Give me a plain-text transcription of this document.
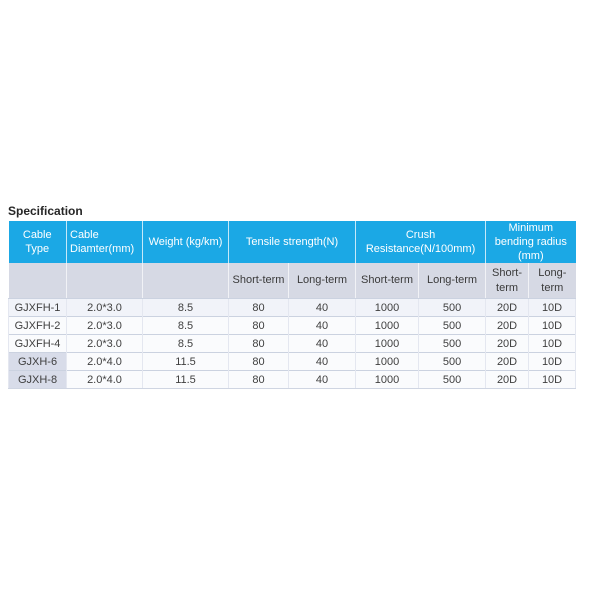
Specification
Cable Type	Cable Diamter(mm)	Weight (kg/km)	Tensile strength(N)		Crush Resistance(N/100mm)		Minimum bending radius (mm)	
			Short-term	Long-term	Short-term	Long-term	Short-term	Long-term
GJXFH-1	2.0*3.0	8.5	80	40	1000	500	20D	10D
GJXFH-2	2.0*3.0	8.5	80	40	1000	500	20D	10D
GJXFH-4	2.0*3.0	8.5	80	40	1000	500	20D	10D
GJXH-6	2.0*4.0	11.5	80	40	1000	500	20D	10D
GJXH-8	2.0*4.0	11.5	80	40	1000	500	20D	10D
